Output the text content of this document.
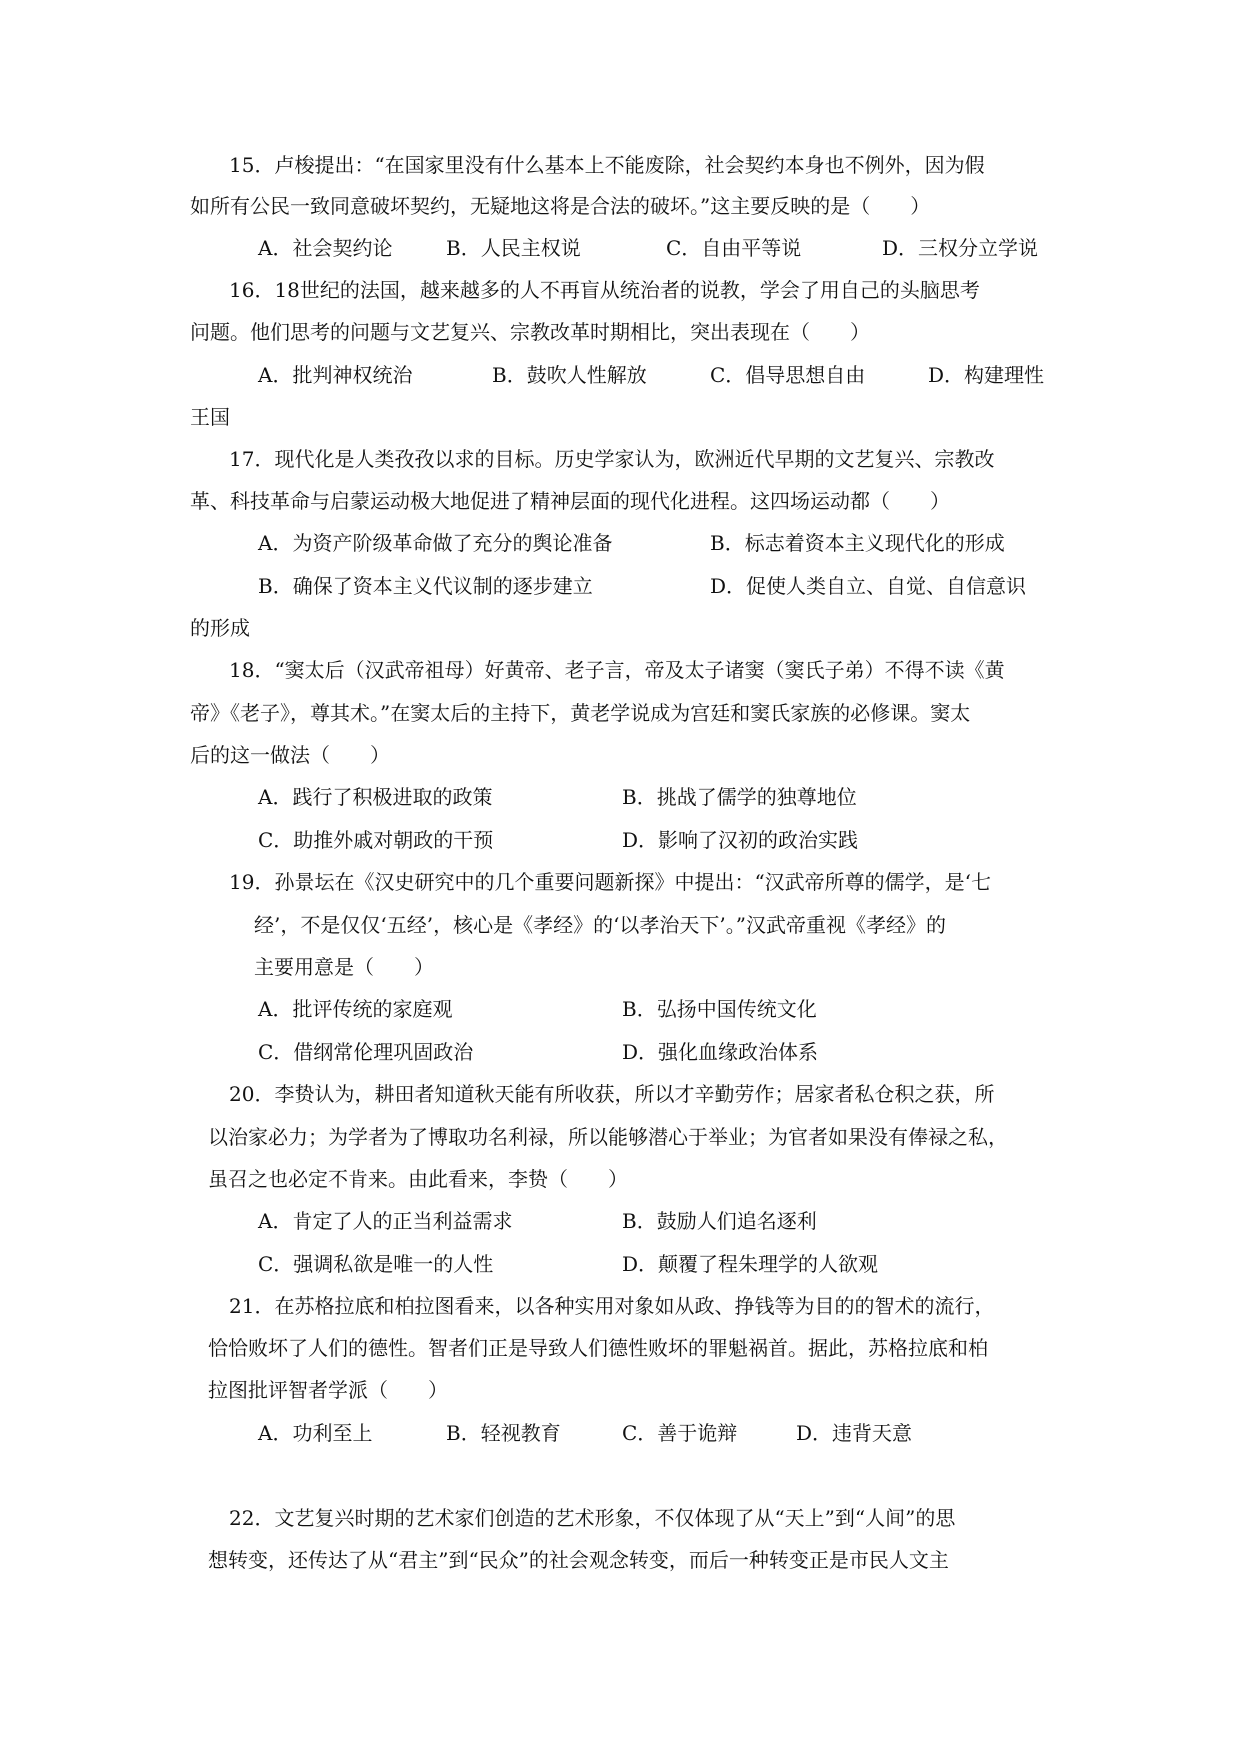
15．卢梭提出：“在国家里没有什么基本上不能废除，社会契约本身也不例外，因为假
如所有公民一致同意破坏契约，无疑地这将是合法的破坏。”这主要反映的是（　　）
A．社会契约论	B．人民主权说	C．自由平等说	D．三权分立学说
16．18世纪的法国，越来越多的人不再盲从统治者的说教，学会了用自己的头脑思考
问题。他们思考的问题与文艺复兴、宗教改革时期相比，突出表现在（　　）
A．批判神权统治	B．鼓吹人性解放	C．倡导思想自由	D．构建理性
王国
17．现代化是人类孜孜以求的目标。历史学家认为，欧洲近代早期的文艺复兴、宗教改
革、科技革命与启蒙运动极大地促进了精神层面的现代化进程。这四场运动都（　　）
A．为资产阶级革命做了充分的舆论准备	B．标志着资本主义现代化的形成
B．确保了资本主义代议制的逐步建立	D．促使人类自立、自觉、自信意识
的形成
18．“窦太后（汉武帝祖母）好黄帝、老子言，帝及太子诸窦（窦氏子弟）不得不读《黄
帝》《老子》，尊其术。”在窦太后的主持下，黄老学说成为宫廷和窦氏家族的必修课。窦太
后的这一做法（　　）
A．践行了积极进取的政策	B．挑战了儒学的独尊地位
C．助推外戚对朝政的干预	D．影响了汉初的政治实践
19．孙景坛在《汉史研究中的几个重要问题新探》中提出：“汉武帝所尊的儒学，是‘七
经’，不是仅仅‘五经’，核心是《孝经》的‘以孝治天下’。”汉武帝重视《孝经》的
主要用意是（　　）
A．批评传统的家庭观	B．弘扬中国传统文化
C．借纲常伦理巩固政治	D．强化血缘政治体系
20．李贽认为，耕田者知道秋天能有所收获，所以才辛勤劳作；居家者私仓积之获，所
以治家必力；为学者为了博取功名利禄，所以能够潜心于举业；为官者如果没有俸禄之私，
虽召之也必定不肯来。由此看来，李贽（　　）
A．肯定了人的正当利益需求	B．鼓励人们追名逐利
C．强调私欲是唯一的人性	D．颠覆了程朱理学的人欲观
21．在苏格拉底和柏拉图看来，以各种实用对象如从政、挣钱等为目的的智术的流行，
恰恰败坏了人们的德性。智者们正是导致人们德性败坏的罪魁祸首。据此，苏格拉底和柏
拉图批评智者学派（　　）
A．功利至上	B．轻视教育	C．善于诡辩	D．违背天意
22．文艺复兴时期的艺术家们创造的艺术形象，不仅体现了从“天上”到“人间”的思
想转变，还传达了从“君主”到“民众”的社会观念转变，而后一种转变正是市民人文主
